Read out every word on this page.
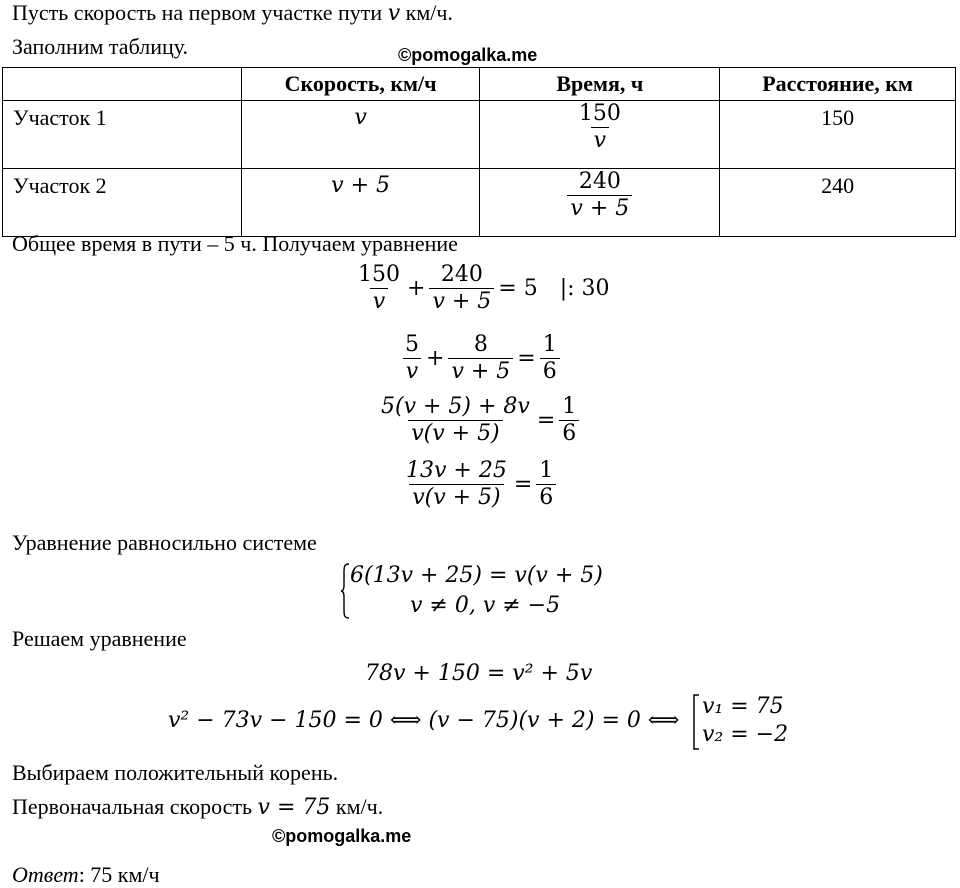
Пусть скорость на первом участке пути v км/ч.
Заполним таблицу.	©pomogalka.me
	Скорость, км/ч	Время, ч	Расстояние, км
Участок 1	v	$\frac{150}{v}$	150
Участок 2	v + 5	$\frac{240}{v + 5}$	240
Общее время в пути – 5 ч. Получаем уравнение
$\frac{150}{v} + \frac{240}{v + 5} = 5$ |: 30
$\frac{5}{v} + \frac{8}{v + 5} = \frac{1}{6}$
$\frac{5(v + 5) + 8v}{v(v + 5)} = \frac{1}{6}$
$\frac{13v + 25}{v(v + 5)} = \frac{1}{6}$
Уравнение равносильно системе
6(13v + 25) = v(v + 5)
v ≠ 0, v ≠ −5
Решаем уравнение
78v + 150 = v² + 5v
v² − 73v − 150 = 0 ⟺ (v − 75)(v + 2) = 0 ⟺
v₁ = 75
v₂ = −2
Выбираем положительный корень.
Первоначальная скорость v = 75 км/ч.
©pomogalka.me
Ответ: 75 км/ч
